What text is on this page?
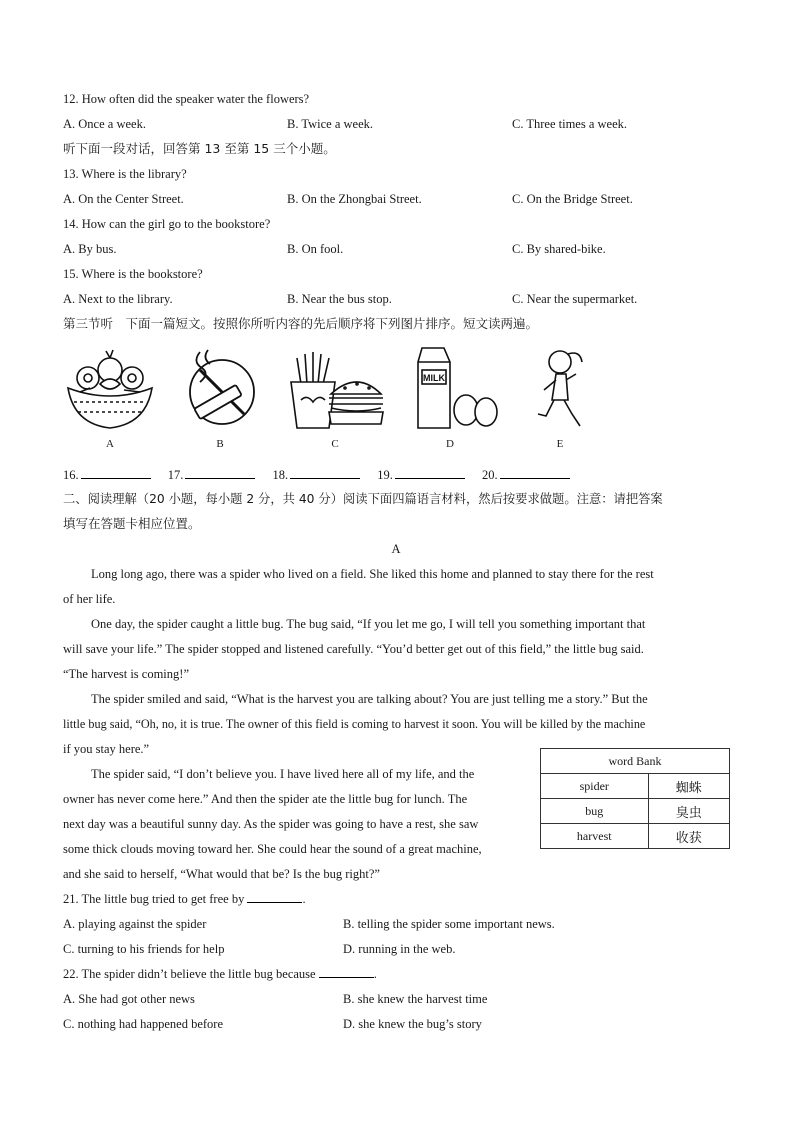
12. How often did the speaker water the flowers?
A. Once a week.	B. Twice a week.	C. Three times a week.
听下面一段对话，回答第 13 至第 15 三个小题。
13. Where is the library?
A. On the Center Street.	B. On the Zhongbai Street.	C. On the Bridge Street.
14. How can the girl go to the bookstore?
A. By bus.	B. On fool.	C. By shared-bike.
15. Where is the bookstore?
A. Next to the library.	B. Near the bus stop.	C. Near the supermarket.
第三节听　下面一篇短文。按照你所听内容的先后顺序将下列图片排序。短文读两遍。
A	B	C
MILK
D	E
16.	17.	18.	19.	20.
二、阅读理解（20 小题，每小题 2 分，共 40 分）阅读下面四篇语言材料，然后按要求做题。注意：请把答案
填写在答题卡相应位置。
A
Long long ago, there was a spider who lived on a field. She liked this home and planned to stay there for the rest
of her life.
One day, the spider caught a little bug. The bug said, “If you let me go, I will tell you something important that
will save your life.” The spider stopped and listened carefully. “You’d better get out of this field,” the little bug said.
“The harvest is coming!”
The spider smiled and said, “What is the harvest you are talking about? You are just telling me a story.” But the
little bug said, “Oh, no, it is true. The owner of this field is coming to harvest it soon. You will be killed by the machine
if you stay here.”
The spider said, “I don’t believe you. I have lived here all of my life, and the
owner has never come here.” And then the spider ate the little bug for lunch. The
next day was a beautiful sunny day. As the spider was going to have a rest, she saw
some thick clouds moving toward her. She could hear the sound of a great machine,
and she said to herself, “What would that be? Is the bug right?”
word Bank	
spider	蜘蛛
bug	臭虫
harvest	收获
21. The little bug tried to get free by	.
A. playing against the spider	B. telling the spider some important news.
C. turning to his friends for help	D. running in the web.
22. The spider didn’t believe the little bug because	.
A. She had got other news	B. she knew the harvest time
C. nothing had happened before	D. she knew the bug’s story
